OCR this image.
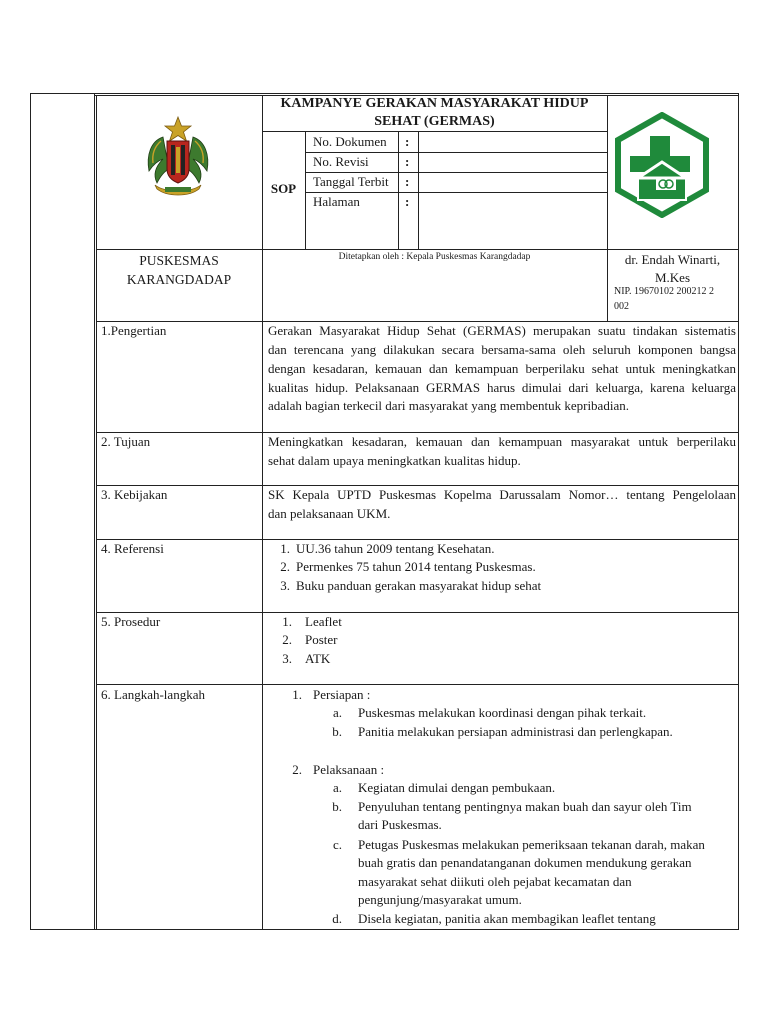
KAMPANYE GERAKAN MASYARAKAT HIDUP
SEHAT (GERMAS)
SOP
No. Dokumen :
No. Revisi	:
Tanggal Terbit :
Halaman	:
PUSKESMAS
KARANGDADAP
Ditetapkan oleh : Kepala Puskesmas Karangdadap	dr. Endah Winarti,
M.Kes
NIP. 19670102 200212 2
002
1.Pengertian	Gerakan Masyarakat Hidup Sehat (GERMAS) merupakan suatu tindakan sistematis
dan terencana yang dilakukan secara bersama-sama oleh seluruh komponen bangsa
dengan kesadaran, kemauan dan kemampuan berperilaku sehat untuk meningkatkan
kualitas hidup. Pelaksanaan GERMAS harus dimulai dari keluarga, karena keluarga
adalah bagian terkecil dari masyarakat yang membentuk kepribadian.
2. Tujuan	Meningkatkan kesadaran, kemauan dan kemampuan masyarakat untuk berperilaku
sehat dalam upaya meningkatkan kualitas hidup.
3. Kebijakan	SK Kepala UPTD Puskesmas Kopelma Darussalam Nomor… tentang Pengelolaan
dan pelaksanaan UKM.
4. Referensi	1. UU.36 tahun 2009 tentang Kesehatan.
2. Permenkes 75 tahun 2014 tentang Puskesmas.
3. Buku panduan gerakan masyarakat hidup sehat
5. Prosedur	1. Leaflet
2. Poster
3. ATK
6. Langkah-langkah	1. Persiapan :
a. Puskesmas melakukan koordinasi dengan pihak terkait.
b. Panitia melakukan persiapan administrasi dan perlengkapan.
2. Pelaksanaan :
a. Kegiatan dimulai dengan pembukaan.
b. Penyuluhan tentang pentingnya makan buah dan sayur oleh Tim
dari Puskesmas.
c. Petugas Puskesmas melakukan pemeriksaan tekanan darah, makan
buah gratis dan penandatanganan dokumen mendukung gerakan
masyarakat sehat diikuti oleh pejabat kecamatan dan
pengunjung/masyarakat umum.
d. Disela kegiatan, panitia akan membagikan leaflet tentang
